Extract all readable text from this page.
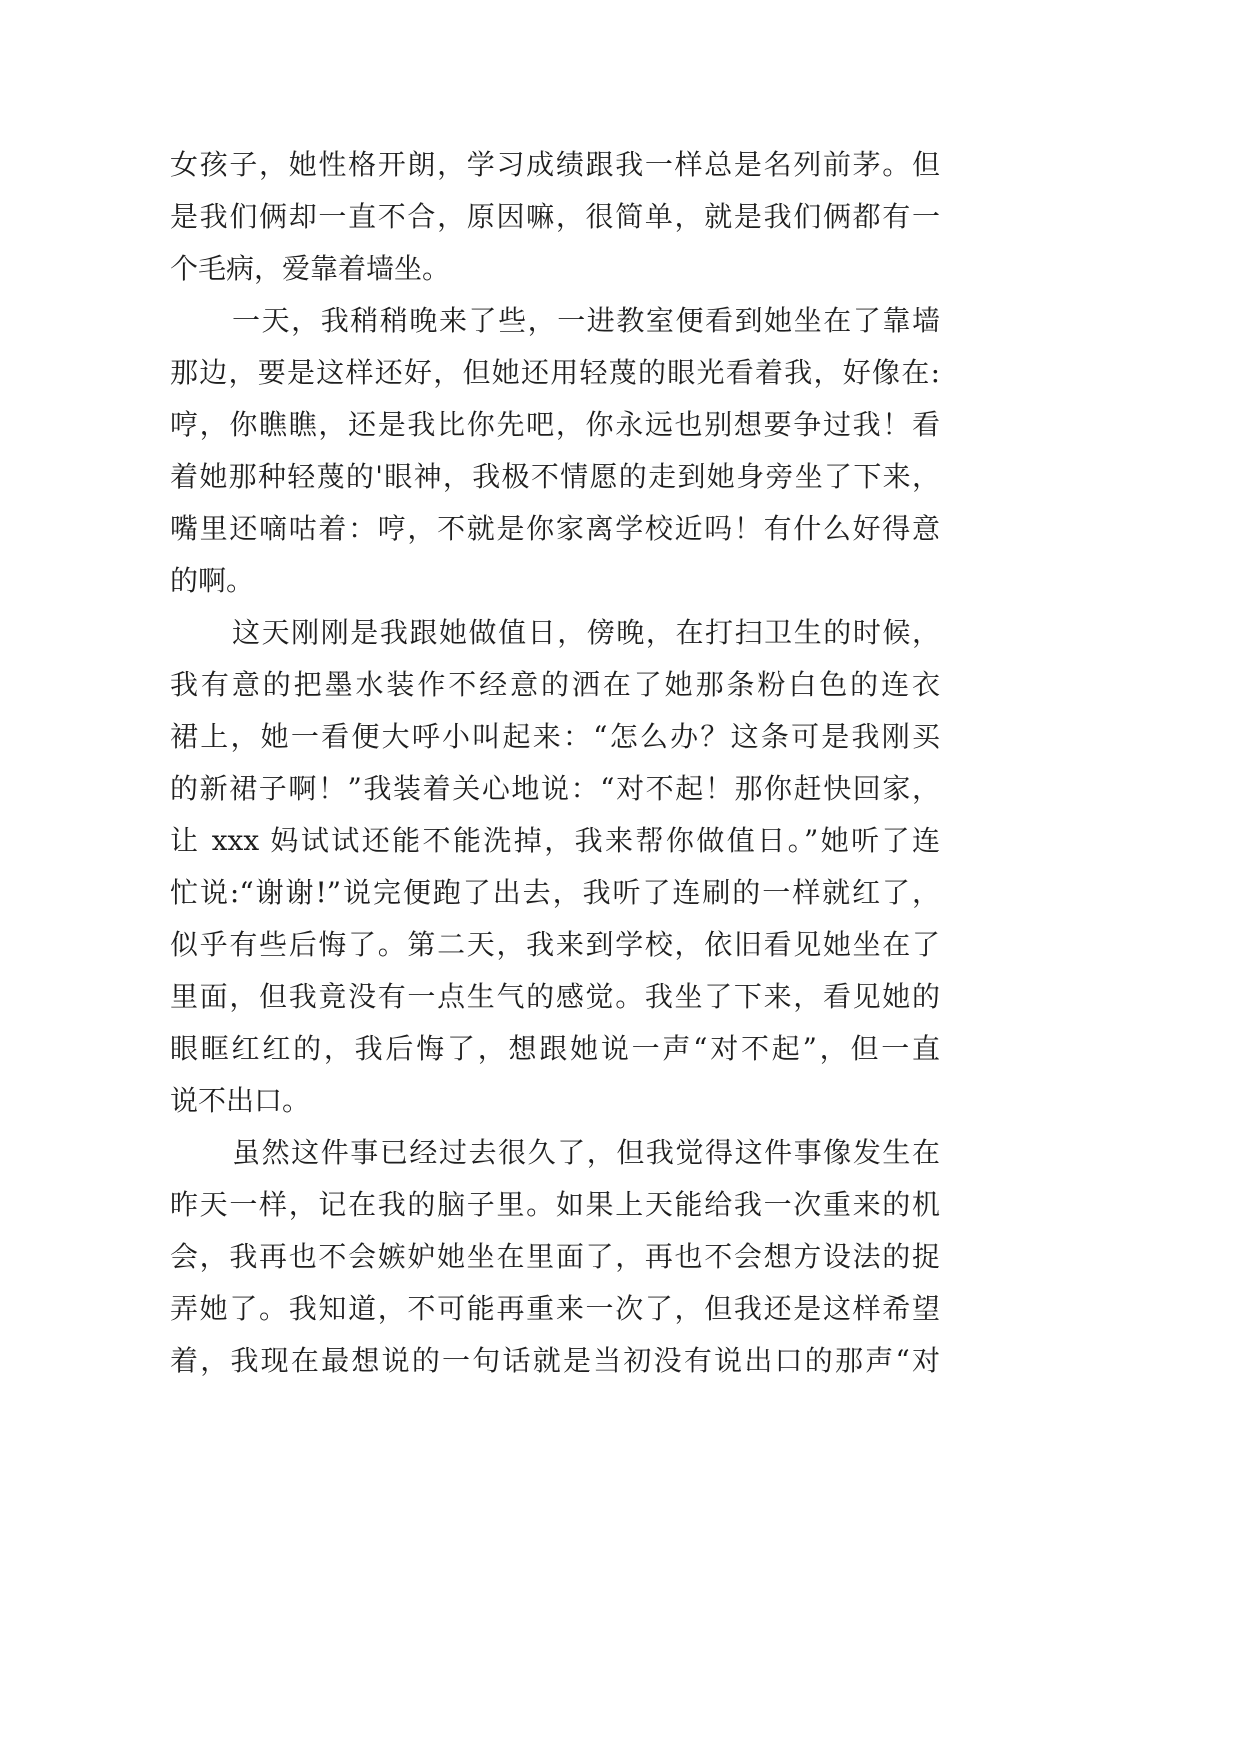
女孩子，她性格开朗，学习成绩跟我一样总是名列前茅。但
是我们俩却一直不合，原因嘛，很简单，就是我们俩都有一
个毛病，爱靠着墙坐。

一天，我稍稍晚来了些，一进教室便看到她坐在了靠墙
那边，要是这样还好，但她还用轻蔑的眼光看着我，好像在:
哼，你瞧瞧，还是我比你先吧，你永远也别想要争过我！看
着她那种轻蔑的'眼神，我极不情愿的走到她身旁坐了下来，
嘴里还嘀咕着：哼，不就是你家离学校近吗！有什么好得意
的啊。

这天刚刚是我跟她做值日，傍晚，在打扫卫生的时候，
我有意的把墨水装作不经意的洒在了她那条粉白色的连衣
裙上，她一看便大呼小叫起来：“怎么办？这条可是我刚买
的新裙子啊！”我装着关心地说：“对不起！那你赶快回家，
让 xxx 妈试试还能不能洗掉，我来帮你做值日。”她听了连
忙说:“谢谢!”说完便跑了出去，我听了连刷的一样就红了，
似乎有些后悔了。第二天，我来到学校，依旧看见她坐在了
里面，但我竟没有一点生气的感觉。我坐了下来，看见她的
眼眶红红的，我后悔了，想跟她说一声“对不起”，但一直
说不出口。

虽然这件事已经过去很久了，但我觉得这件事像发生在
昨天一样，记在我的脑子里。如果上天能给我一次重来的机
会，我再也不会嫉妒她坐在里面了，再也不会想方设法的捉
弄她了。我知道，不可能再重来一次了，但我还是这样希望
着，我现在最想说的一句话就是当初没有说出口的那声“对
